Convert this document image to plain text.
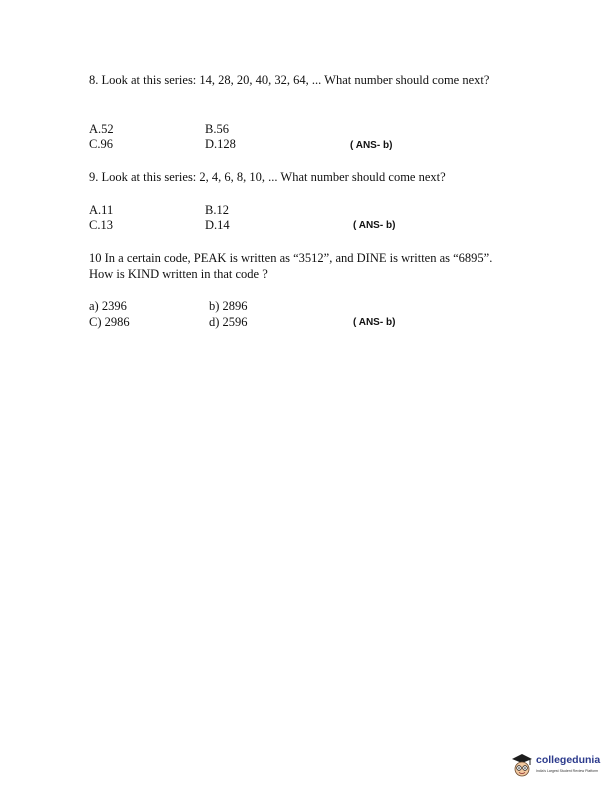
8. Look at this series: 14, 28, 20, 40, 32, 64, ... What number should come next?
A.52	B.56
C.96	D.128	( ANS- b)
9. Look at this series: 2, 4, 6, 8, 10, ... What number should come next?
A.11	B.12
C.13	D.14	( ANS- b)
10 In a certain code, PEAK is written as “3512”, and DINE is written as “6895”. How is KIND written in that code ?
a) 2396	b) 2896
C) 2986	d) 2596	( ANS- b)
collegedunia
India's Largest Student Review Platform
